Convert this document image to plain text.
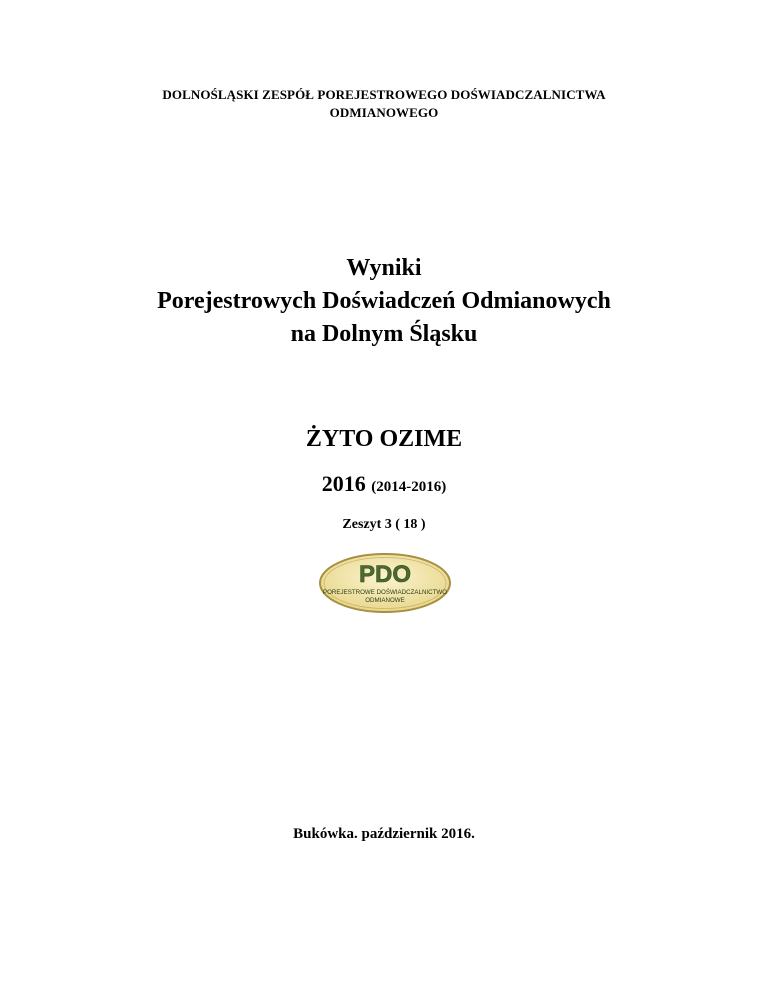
DOLNOŚLĄSKI ZESPÓŁ POREJESTROWEGO DOŚWIADCZALNICTWA
ODMIANOWEGO
Wyniki
Porejestrowych Doświadczeń Odmianowych
na Dolnym Śląsku
ŻYTO OZIME
2016 (2014-2016)
Zeszyt 3 ( 18 )
PDO
POREJESTROWE DOŚWIADCZALNICTWO
ODMIANOWE
Bukówka. październik 2016.
